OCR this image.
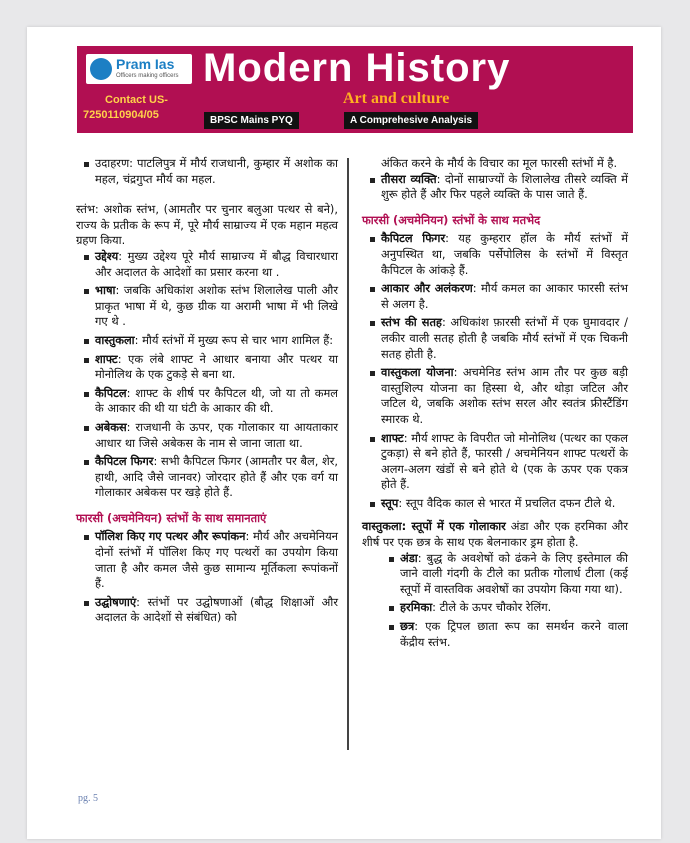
Pram Ias
Officers making officers
Contact US-
7250110904/05
Modern History
Art and culture
BPSC Mains PYQ	A Comprehesive Analysis
उदाहरण: पाटलिपुत्र में मौर्य राजधानी, कुम्हार में अशोक का महल, चंद्रगुप्त मौर्य का महल.

स्तंभ: अशोक स्तंभ, (आमतौर पर चुनार बलुआ पत्थर से बने), राज्य के प्रतीक के रूप में, पूरे मौर्य साम्राज्य में एक महान महत्व ग्रहण किया.

उद्देश्य: मुख्य उद्देश्य पूरे मौर्य साम्राज्य में बौद्ध विचारधारा और अदालत के आदेशों का प्रसार करना था .
भाषा: जबकि अधिकांश अशोक स्तंभ शिलालेख पाली और प्राकृत भाषा में थे, कुछ ग्रीक या अरामी भाषा में भी लिखे गए थे .
वास्तुकला: मौर्य स्तंभों में मुख्य रूप से चार भाग शामिल हैं:
शाफ्ट: एक लंबे शाफ्ट ने आधार बनाया और पत्थर या मोनोलिथ के एक टुकड़े से बना था.
कैपिटल: शाफ्ट के शीर्ष पर कैपिटल थी, जो या तो कमल के आकार की थी या घंटी के आकार की थी.
अबेकस: राजधानी के ऊपर, एक गोलाकार या आयताकार आधार था जिसे अबेकस के नाम से जाना जाता था.
कैपिटल फिगर: सभी कैपिटल फिगर (आमतौर पर बैल, शेर, हाथी, आदि जैसे जानवर) जोरदार होते हैं और एक वर्ग या गोलाकार अबेकस पर खड़े होते हैं.

फारसी (अचमेनियन) स्तंभों के साथ समानताएं

पॉलिश किए गए पत्थर और रूपांकन: मौर्य और अचमेनियन दोनों स्तंभों में पॉलिश किए गए पत्थरों का उपयोग किया जाता है और कमल जैसे कुछ सामान्य मूर्तिकला रूपांकनों हैं.
उद्घोषणाएं: स्तंभों पर उद्घोषणाओं (बौद्ध शिक्षाओं और अदालत के आदेशों से संबंधित) को

अंकित करने के मौर्य के विचार का मूल फारसी स्तंभों में है.

तीसरा व्यक्ति: दोनों साम्राज्यों के शिलालेख तीसरे व्यक्ति में शुरू होते हैं और फिर पहले व्यक्ति के पास जाते हैं.

फारसी (अचमेनियन) स्तंभों के साथ मतभेद

कैपिटल फिगर: यह कुम्हरार हॉल के मौर्य स्तंभों में अनुपस्थित था, जबकि पर्सेपोलिस के स्तंभों में विस्तृत कैपिटल के आंकड़े हैं.
आकार और अलंकरण: मौर्य कमल का आकार फारसी स्तंभ से अलग है.
स्तंभ की सतह: अधिकांश फ़ारसी स्तंभों में एक घुमावदार / लकीर वाली सतह होती है जबकि मौर्य स्तंभों में एक चिकनी सतह होती है.
वास्तुकला योजना: अचमेनिड स्तंभ आम तौर पर कुछ बड़ी वास्तुशिल्प योजना का हिस्सा थे, और थोड़ा जटिल और जटिल थे, जबकि अशोक स्तंभ सरल और स्वतंत्र फ्रीस्टैंडिंग स्मारक थे.
शाफ्ट: मौर्य शाफ्ट के विपरीत जो मोनोलिथ (पत्थर का एकल टुकड़ा) से बने होते हैं, फारसी / अचमेनियन शाफ्ट पत्थरों के अलग-अलग खंडों से बने होते थे (एक के ऊपर एक एकत्र होते हैं.
स्तूप: स्तूप वैदिक काल से भारत में प्रचलित दफन टीले थे.

वास्तुकला: स्तूपों में एक गोलाकार अंडा और एक हरमिका और शीर्ष पर एक छत्र के साथ एक बेलनाकार ड्रम होता है.

अंडा: बुद्ध के अवशेषों को ढंकने के लिए इस्तेमाल की जाने वाली गंदगी के टीले का प्रतीक गोलार्ध टीला (कई स्तूपों में वास्तविक अवशेषों का उपयोग किया गया था).
हरमिका: टीले के ऊपर चौकोर रेलिंग.
छत्र: एक ट्रिपल छाता रूप का समर्थन करने वाला केंद्रीय स्तंभ.
pg. 5
